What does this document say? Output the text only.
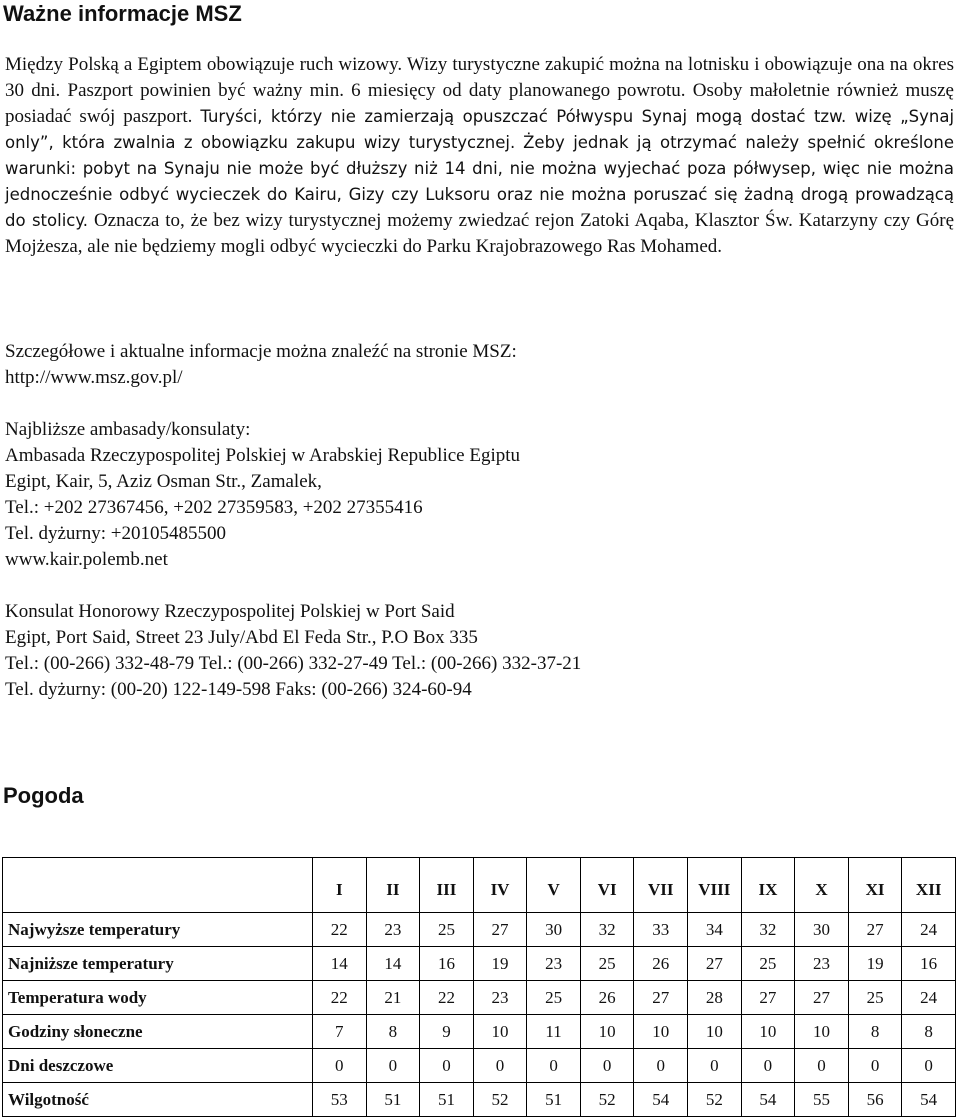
Ważne informacje MSZ
Między Polską a Egiptem obowiązuje ruch wizowy. Wizy turystyczne zakupić można na lotnisku i obowiązuje ona na okres 30 dni. Paszport powinien być ważny min. 6 miesięcy od daty planowanego powrotu. Osoby małoletnie również muszę posiadać swój paszport. Turyści, którzy nie zamierzają opuszczać Półwyspu Synaj mogą dostać tzw. wizę „Synaj only”, która zwalnia z obowiązku zakupu wizy turystycznej. Żeby jednak ją otrzymać należy spełnić określone warunki: pobyt na Synaju nie może być dłuższy niż 14 dni, nie można wyjechać poza półwysep, więc nie można jednocześnie odbyć wycieczek do Kairu, Gizy czy Luksoru oraz nie można poruszać się żadną drogą prowadzącą do stolicy. Oznacza to, że bez wizy turystycznej możemy zwiedzać rejon Zatoki Aqaba, Klasztor Św. Katarzyny czy Górę Mojżesza, ale nie będziemy mogli odbyć wycieczki do Parku Krajobrazowego Ras Mohamed.
Szczegółowe i aktualne informacje można znaleźć na stronie MSZ:
http://www.msz.gov.pl/
Najbliższe ambasady/konsulaty:
Ambasada Rzeczypospolitej Polskiej w Arabskiej Republice Egiptu
Egipt, Kair, 5, Aziz Osman Str., Zamalek,
Tel.: +202 27367456, +202 27359583, +202 27355416
Tel. dyżurny: +20105485500
www.kair.polemb.net
Konsulat Honorowy Rzeczypospolitej Polskiej w Port Said
Egipt, Port Said, Street 23 July/Abd El Feda Str., P.O Box 335
Tel.: (00-266) 332-48-79 Tel.: (00-266) 332-27-49 Tel.: (00-266) 332-37-21
Tel. dyżurny: (00-20) 122-149-598 Faks: (00-266) 324-60-94
Pogoda
	I	II	III	IV	V	VI	VII	VIII	IX	X	XI	XII
Najwyższe temperatury	22	23	25	27	30	32	33	34	32	30	27	24
Najniższe temperatury	14	14	16	19	23	25	26	27	25	23	19	16
Temperatura wody	22	21	22	23	25	26	27	28	27	27	25	24
Godziny słoneczne	7	8	9	10	11	10	10	10	10	10	8	8
Dni deszczowe	0	0	0	0	0	0	0	0	0	0	0	0
Wilgotność	53	51	51	52	51	52	54	52	54	55	56	54
